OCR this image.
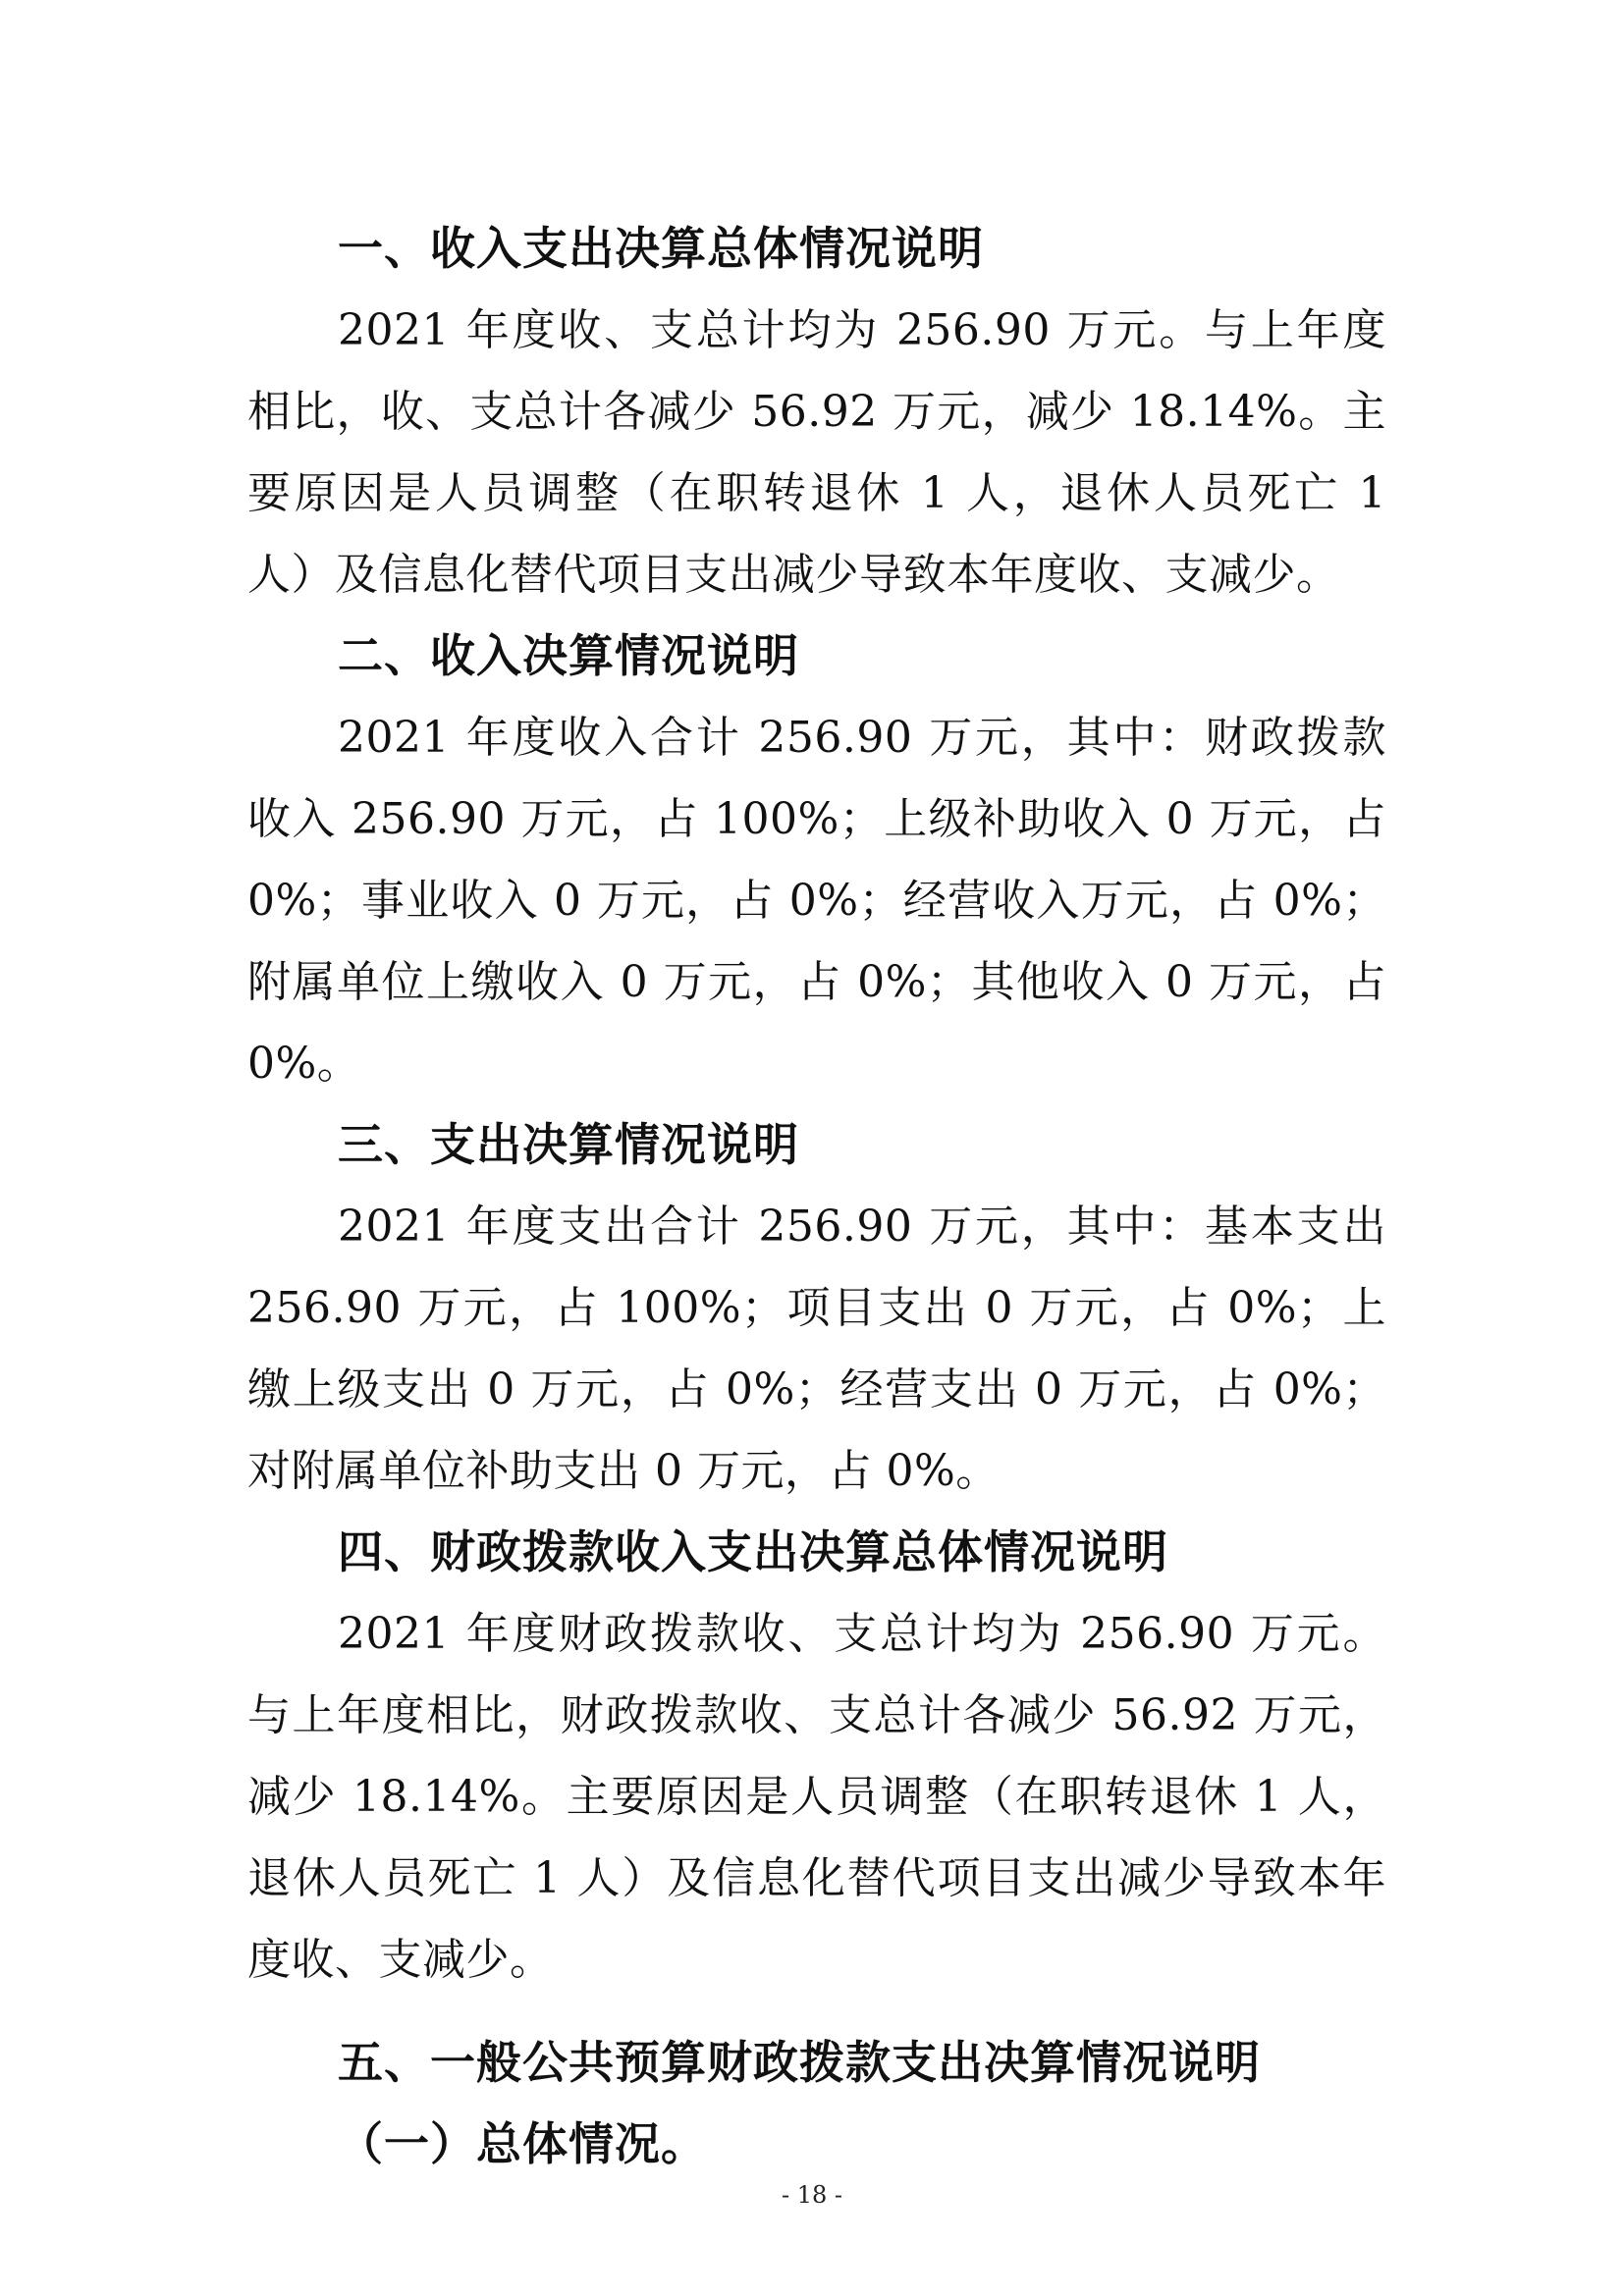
一、收入支出决算总体情况说明

2021 年度收、支总计均为 256.90 万元。与上年度相比，收、支总计各减少 56.92 万元，减少 18.14%。主要原因是人员调整（在职转退休 1 人，退休人员死亡 1 人）及信息化替代项目支出减少导致本年度收、支减少。

二、收入决算情况说明

2021 年度收入合计 256.90 万元，其中：财政拨款收入 256.90 万元，占 100%；上级补助收入 0 万元，占 0%；事业收入 0 万元，占 0%；经营收入万元，占 0%；附属单位上缴收入 0 万元，占 0%；其他收入 0 万元，占 0%。

三、支出决算情况说明

2021 年度支出合计 256.90 万元，其中：基本支出 256.90 万元，占 100%；项目支出 0 万元，占 0%；上缴上级支出 0 万元，占 0%；经营支出 0 万元，占 0%；对附属单位补助支出 0 万元，占 0%。

四、财政拨款收入支出决算总体情况说明

2021 年度财政拨款收、支总计均为 256.90 万元。与上年度相比，财政拨款收、支总计各减少 56.92 万元，减少 18.14%。主要原因是人员调整（在职转退休 1 人，退休人员死亡 1 人）及信息化替代项目支出减少导致本年度收、支减少。

五、一般公共预算财政拨款支出决算情况说明
（一）总体情况。
- 18 -
